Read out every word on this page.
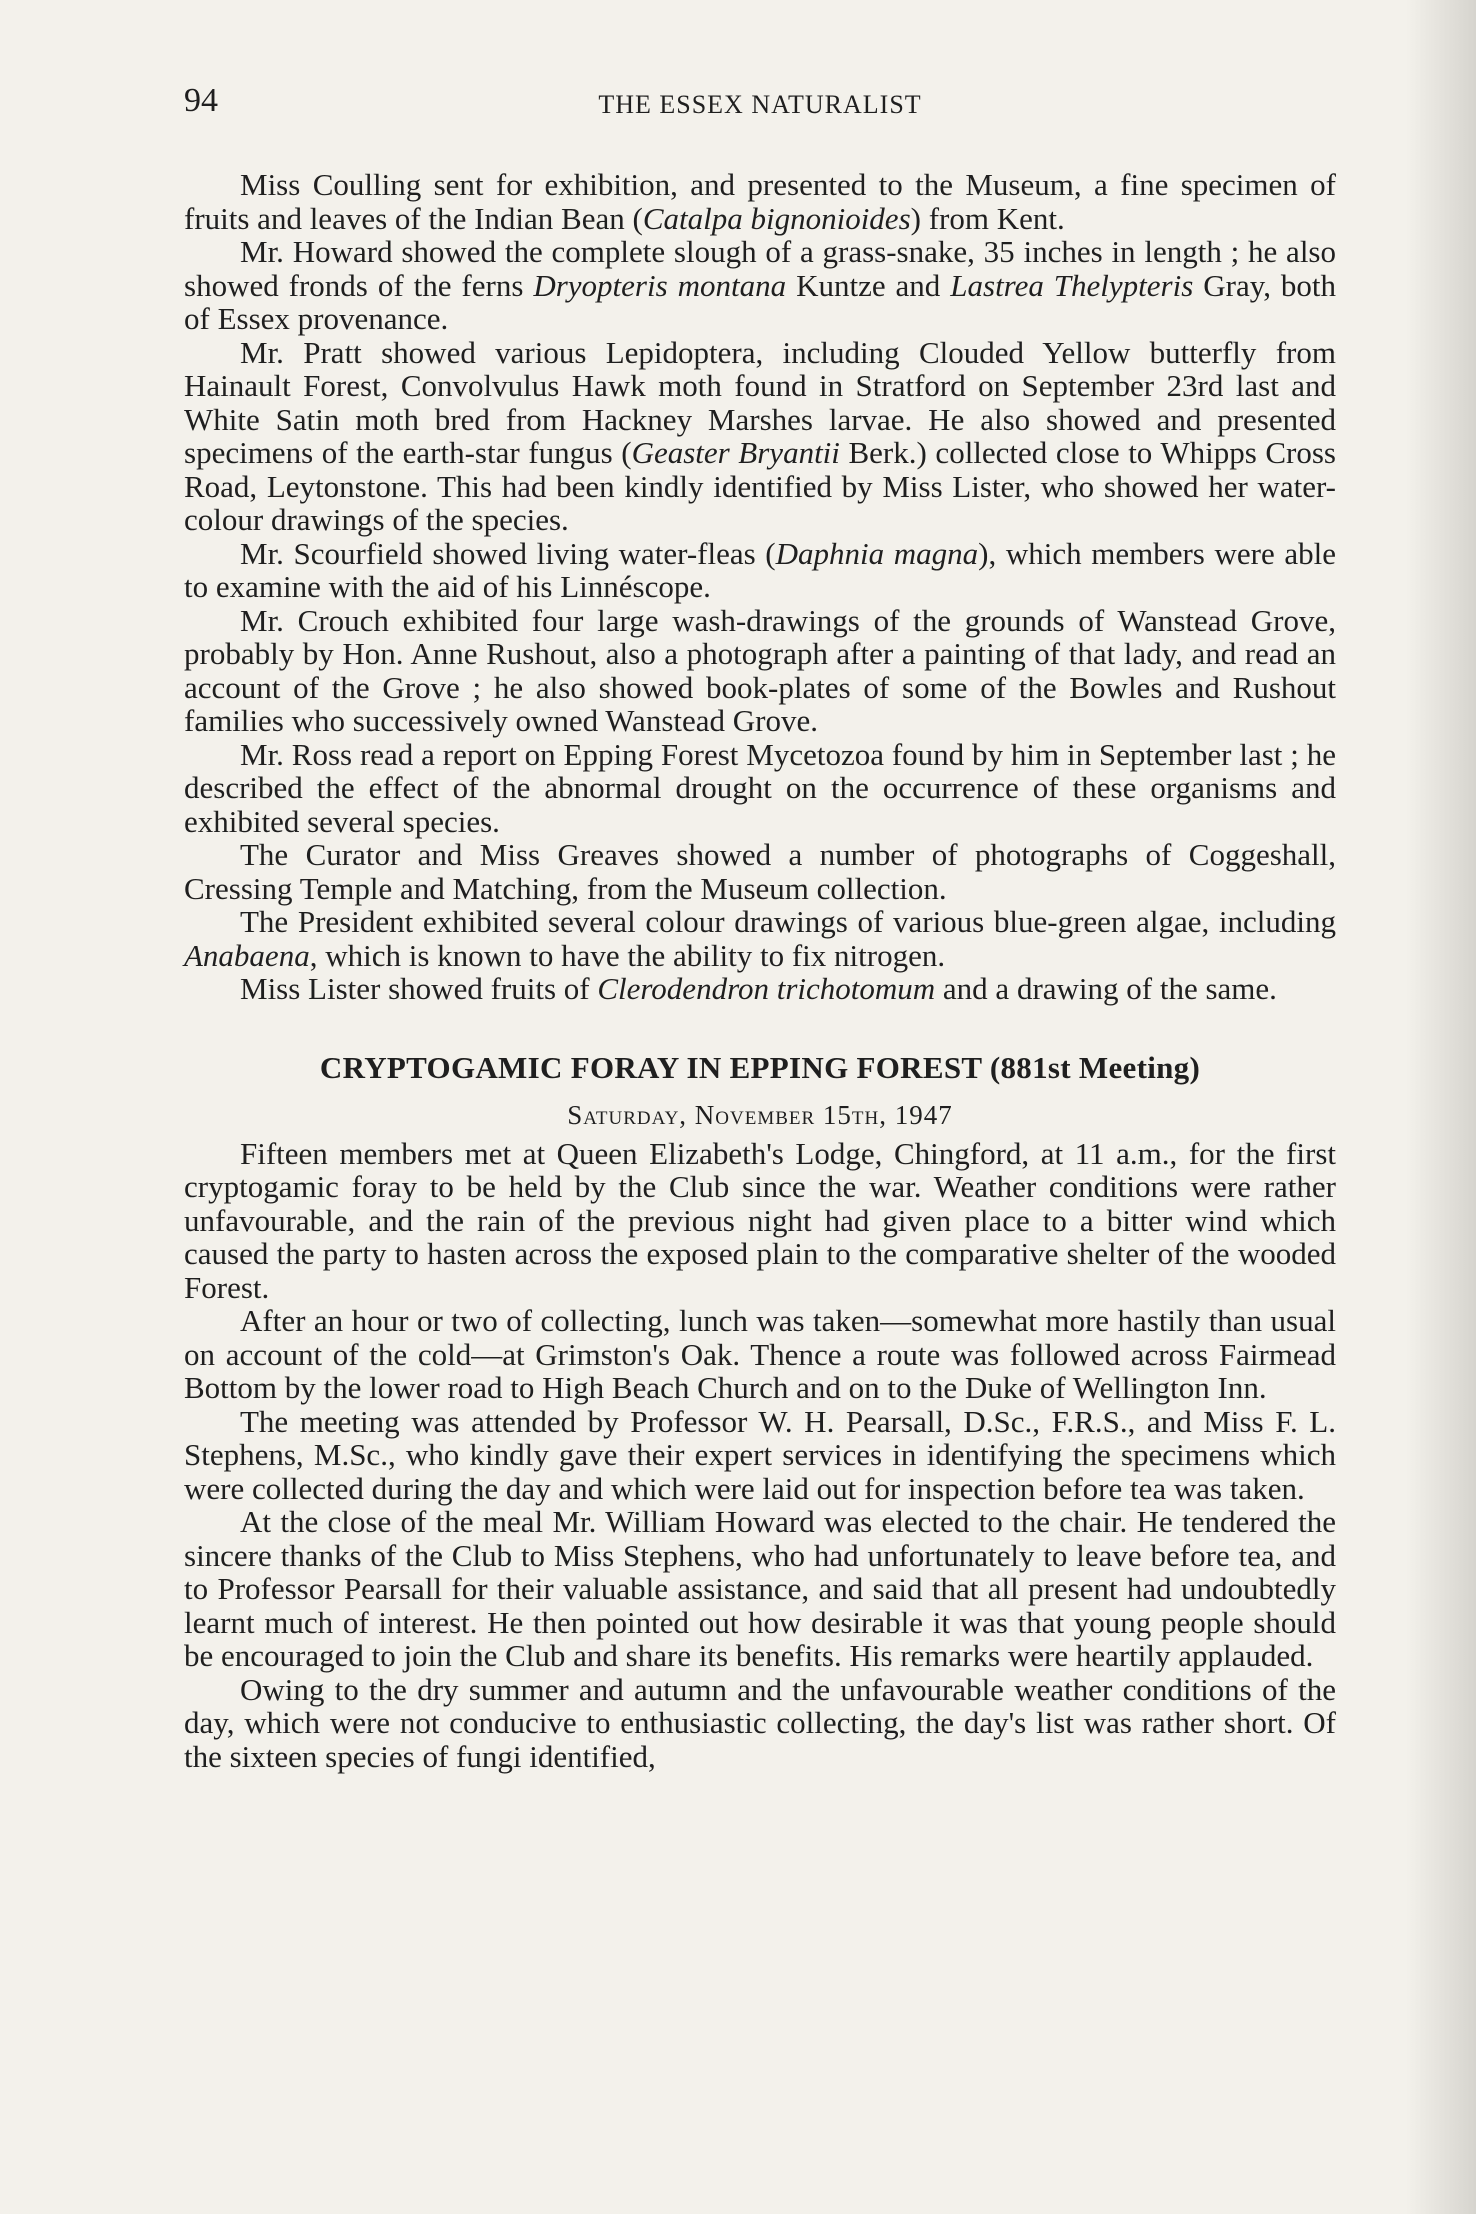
94	THE ESSEX NATURALIST

Miss Coulling sent for exhibition, and presented to the Museum, a fine specimen of fruits and leaves of the Indian Bean (Catalpa bignonioides) from Kent.

Mr. Howard showed the complete slough of a grass-snake, 35 inches in length ; he also showed fronds of the ferns Dryopteris montana Kuntze and Lastrea Thelypteris Gray, both of Essex provenance.

Mr. Pratt showed various Lepidoptera, including Clouded Yellow butterfly from Hainault Forest, Convolvulus Hawk moth found in Stratford on September 23rd last and White Satin moth bred from Hackney Marshes larvae. He also showed and presented specimens of the earth-star fungus (Geaster Bryantii Berk.) collected close to Whipps Cross Road, Leytonstone. This had been kindly identified by Miss Lister, who showed her water-colour drawings of the species.

Mr. Scourfield showed living water-fleas (Daphnia magna), which members were able to examine with the aid of his Linnéscope.

Mr. Crouch exhibited four large wash-drawings of the grounds of Wanstead Grove, probably by Hon. Anne Rushout, also a photograph after a painting of that lady, and read an account of the Grove ; he also showed book-plates of some of the Bowles and Rushout families who successively owned Wanstead Grove.

Mr. Ross read a report on Epping Forest Mycetozoa found by him in September last ; he described the effect of the abnormal drought on the occurrence of these organisms and exhibited several species.

The Curator and Miss Greaves showed a number of photographs of Coggeshall, Cressing Temple and Matching, from the Museum collection.

The President exhibited several colour drawings of various blue-green algae, including Anabaena, which is known to have the ability to fix nitrogen.

Miss Lister showed fruits of Clerodendron trichotomum and a drawing of the same.

CRYPTOGAMIC FORAY IN EPPING FOREST (881st Meeting)
Saturday, November 15th, 1947

Fifteen members met at Queen Elizabeth's Lodge, Chingford, at 11 a.m., for the first cryptogamic foray to be held by the Club since the war. Weather conditions were rather unfavourable, and the rain of the previous night had given place to a bitter wind which caused the party to hasten across the exposed plain to the comparative shelter of the wooded Forest.

After an hour or two of collecting, lunch was taken—somewhat more hastily than usual on account of the cold—at Grimston's Oak. Thence a route was followed across Fairmead Bottom by the lower road to High Beach Church and on to the Duke of Wellington Inn.

The meeting was attended by Professor W. H. Pearsall, D.Sc., F.R.S., and Miss F. L. Stephens, M.Sc., who kindly gave their expert services in identifying the specimens which were collected during the day and which were laid out for inspection before tea was taken.

At the close of the meal Mr. William Howard was elected to the chair. He tendered the sincere thanks of the Club to Miss Stephens, who had unfortunately to leave before tea, and to Professor Pearsall for their valuable assistance, and said that all present had undoubtedly learnt much of interest. He then pointed out how desirable it was that young people should be encouraged to join the Club and share its benefits. His remarks were heartily applauded.

Owing to the dry summer and autumn and the unfavourable weather conditions of the day, which were not conducive to enthusiastic collecting, the day's list was rather short. Of the sixteen species of fungi identified,
